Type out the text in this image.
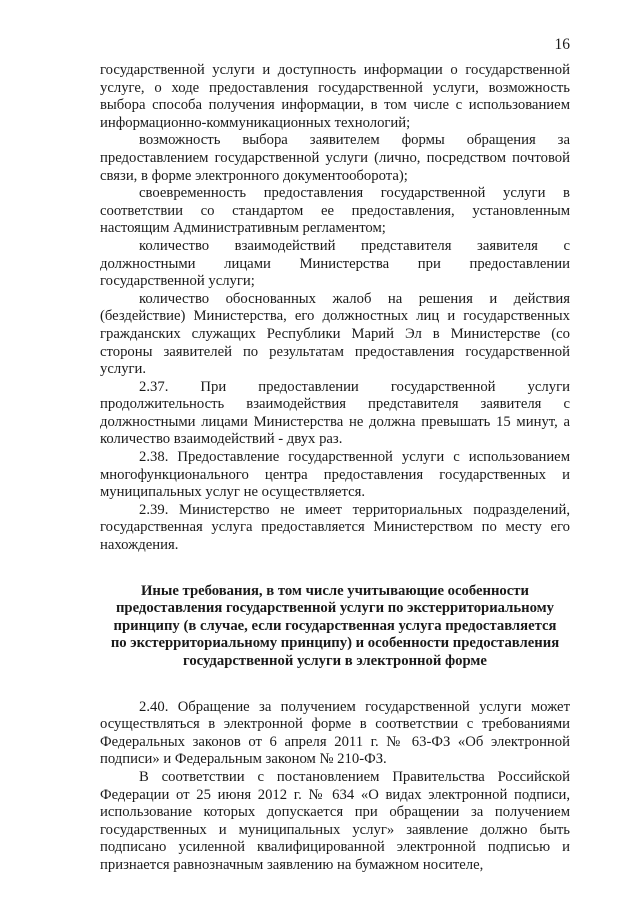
16

государственной услуги и доступность информации о государственной услуге, о ходе предоставления государственной услуги, возможность выбора способа получения информации, в том числе с использованием информационно-коммуникационных технологий;

возможность выбора заявителем формы обращения за предоставлением государственной услуги (лично, посредством почтовой связи, в форме электронного документооборота);

своевременность предоставления государственной услуги в соответствии со стандартом ее предоставления, установленным настоящим Административным регламентом;

количество взаимодействий представителя заявителя с должностными лицами Министерства при предоставлении государственной услуги;

количество обоснованных жалоб на решения и действия (бездействие) Министерства, его должностных лиц и государственных гражданских служащих Республики Марий Эл в Министерстве (со стороны заявителей по результатам предоставления государственной услуги.

2.37. При предоставлении государственной услуги продолжительность взаимодействия представителя заявителя с должностными лицами Министерства не должна превышать 15 минут, а количество взаимодействий - двух раз.

2.38. Предоставление государственной услуги с использованием многофункционального центра предоставления государственных и муниципальных услуг не осуществляется.

2.39. Министерство не имеет территориальных подразделений, государственная услуга предоставляется Министерством по месту его нахождения.

Иные требования, в том числе учитывающие особенности предоставления государственной услуги по экстерриториальному принципу (в случае, если государственная услуга предоставляется по экстерриториальному принципу) и особенности предоставления государственной услуги в электронной форме

2.40. Обращение за получением государственной услуги может осуществляться в электронной форме в соответствии с требованиями Федеральных законов от 6 апреля 2011 г. № 63-ФЗ «Об электронной подписи» и Федеральным законом № 210-ФЗ.

В соответствии с постановлением Правительства Российской Федерации от 25 июня 2012 г. № 634 «О видах электронной подписи, использование которых допускается при обращении за получением государственных и муниципальных услуг» заявление должно быть подписано усиленной квалифицированной электронной подписью и признается равнозначным заявлению на бумажном носителе,
